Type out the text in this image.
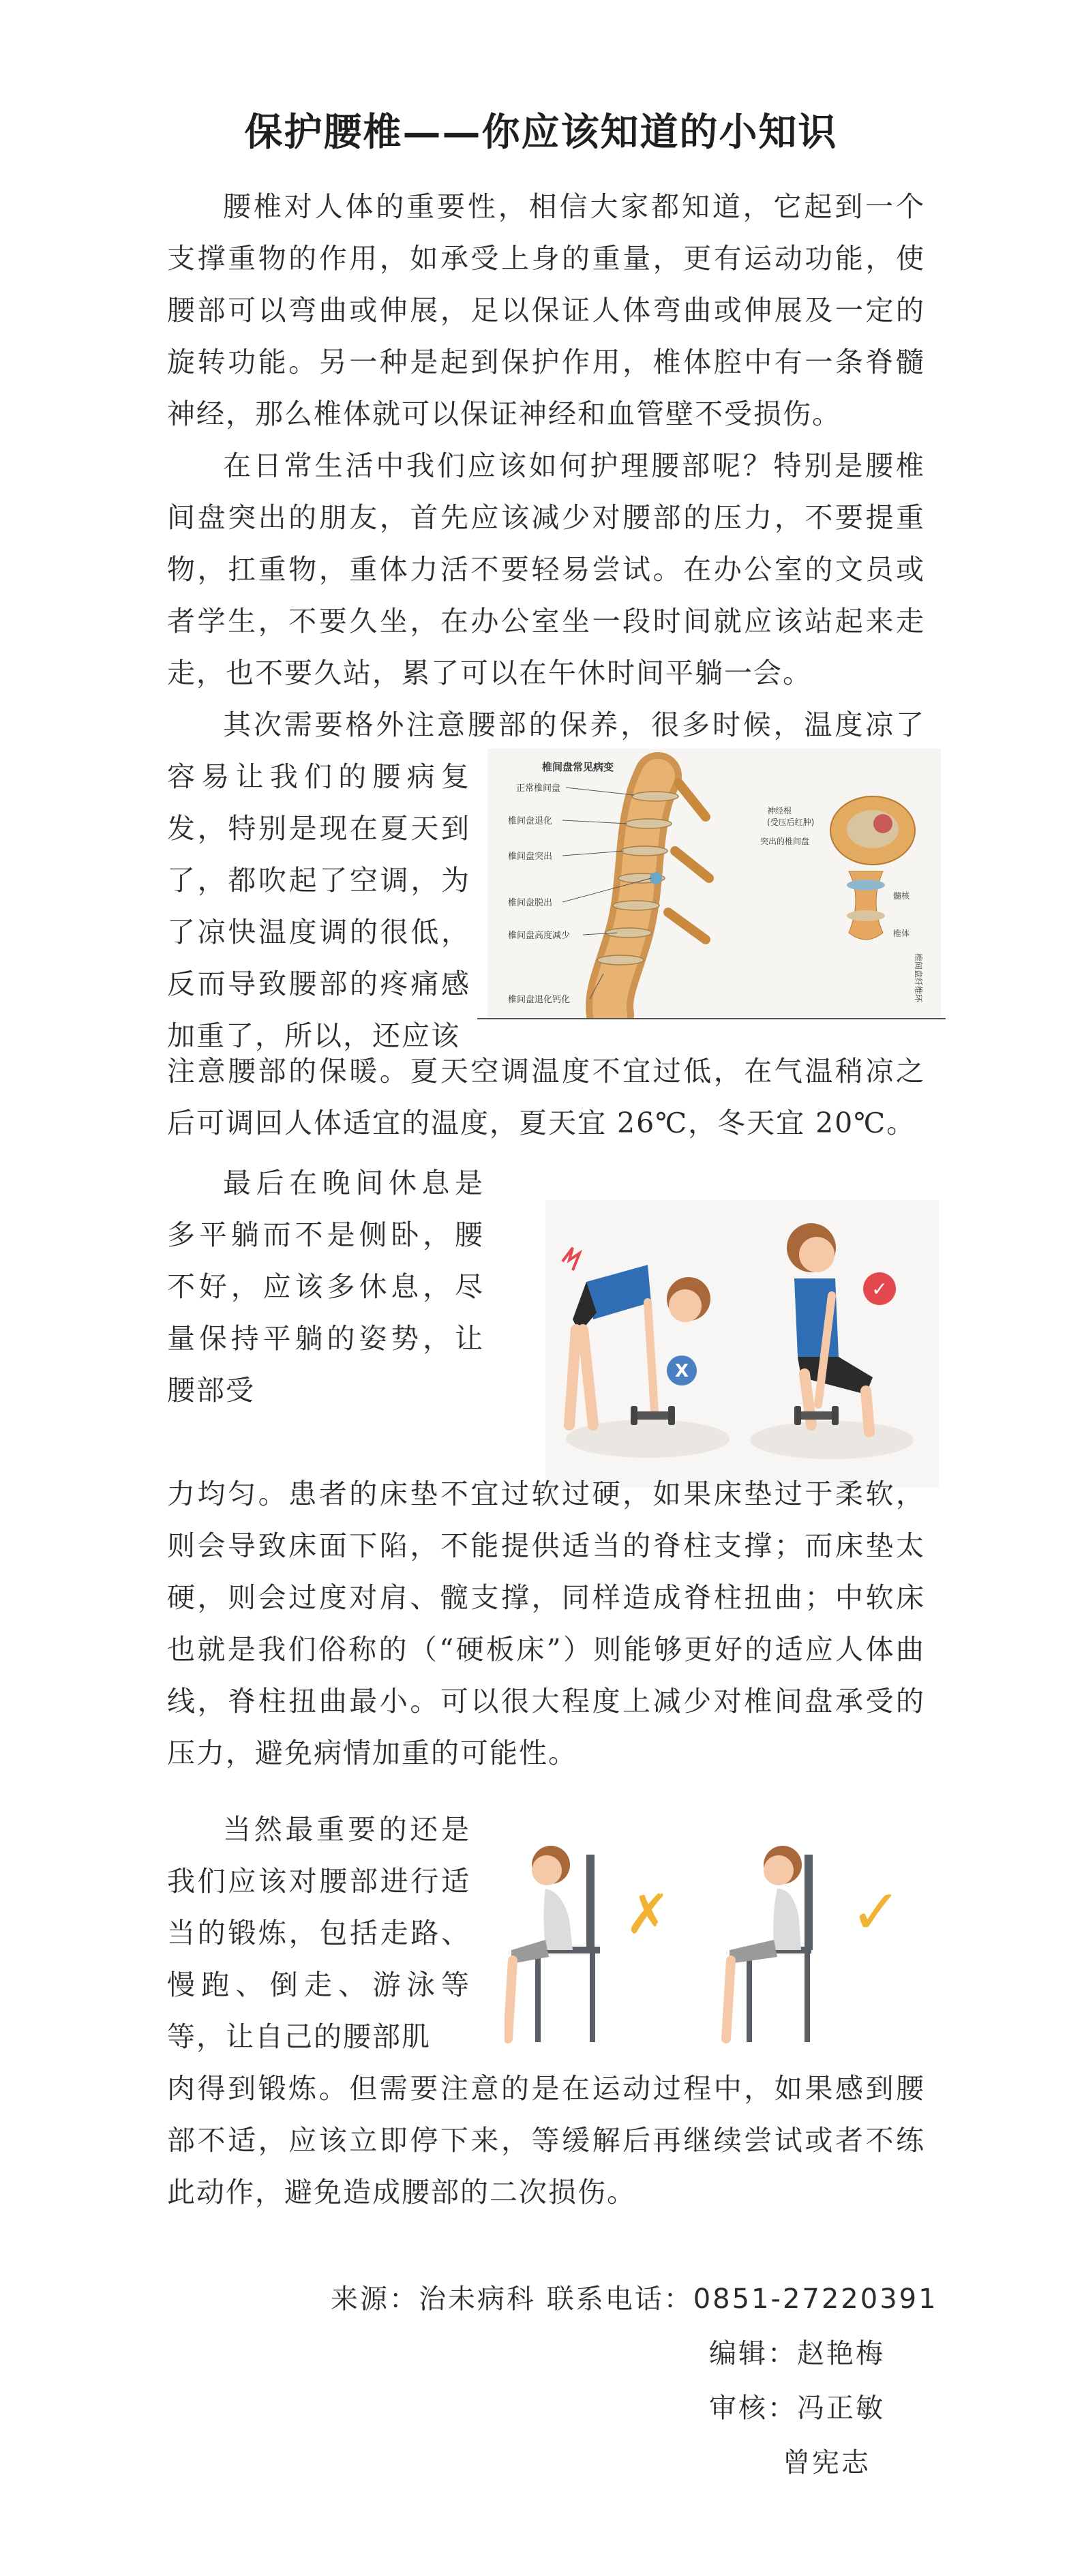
保护腰椎——你应该知道的小知识

腰椎对人体的重要性，相信大家都知道，它起到一个支撑重物的作用，如承受上身的重量，更有运动功能，使腰部可以弯曲或伸展，足以保证人体弯曲或伸展及一定的旋转功能。另一种是起到保护作用，椎体腔中有一条脊髓神经，那么椎体就可以保证神经和血管壁不受损伤。

在日常生活中我们应该如何护理腰部呢？特别是腰椎间盘突出的朋友，首先应该减少对腰部的压力，不要提重物，扛重物，重体力活不要轻易尝试。在办公室的文员或者学生，不要久坐，在办公室坐一段时间就应该站起来走走，也不要久站，累了可以在午休时间平躺一会。

其次需要格外注意腰部的保养，很多时候，温度凉了

容易让我们的腰病复发，特别是现在夏天到了，都吹起了空调，为了凉快温度调的很低，反而导致腰部的疼痛感加重了，所以，还应该

椎间盘常见病变
正常椎间盘
椎间盘退化
椎间盘突出
椎间盘脱出
椎间盘高度减少
椎间盘退化钙化
神经根
(受压后红肿)
突出的椎间盘
髓核
椎体
椎间盘纤维环

注意腰部的保暖。夏天空调温度不宜过低，在气温稍凉之后可调回人体适宜的温度，夏天宜 26℃，冬天宜 20℃。

最后在晚间休息是多平躺而不是侧卧，腰不好，应该多休息，尽量保持平躺的姿势，让腰部受

X
✓

力均匀。患者的床垫不宜过软过硬，如果床垫过于柔软，则会导致床面下陷，不能提供适当的脊柱支撑；而床垫太硬，则会过度对肩、髋支撑，同样造成脊柱扭曲；中软床也就是我们俗称的（“硬板床”）则能够更好的适应人体曲线，脊柱扭曲最小。可以很大程度上减少对椎间盘承受的压力，避免病情加重的可能性。

当然最重要的还是我们应该对腰部进行适当的锻炼，包括走路、慢跑、倒走、游泳等等，让自己的腰部肌

✗	✓

肉得到锻炼。但需要注意的是在运动过程中，如果感到腰部不适，应该立即停下来，等缓解后再继续尝试或者不练此动作，避免造成腰部的二次损伤。

来源：治未病科 联系电话：0851-27220391
编辑：赵艳梅
审核：冯正敏
曾宪志
